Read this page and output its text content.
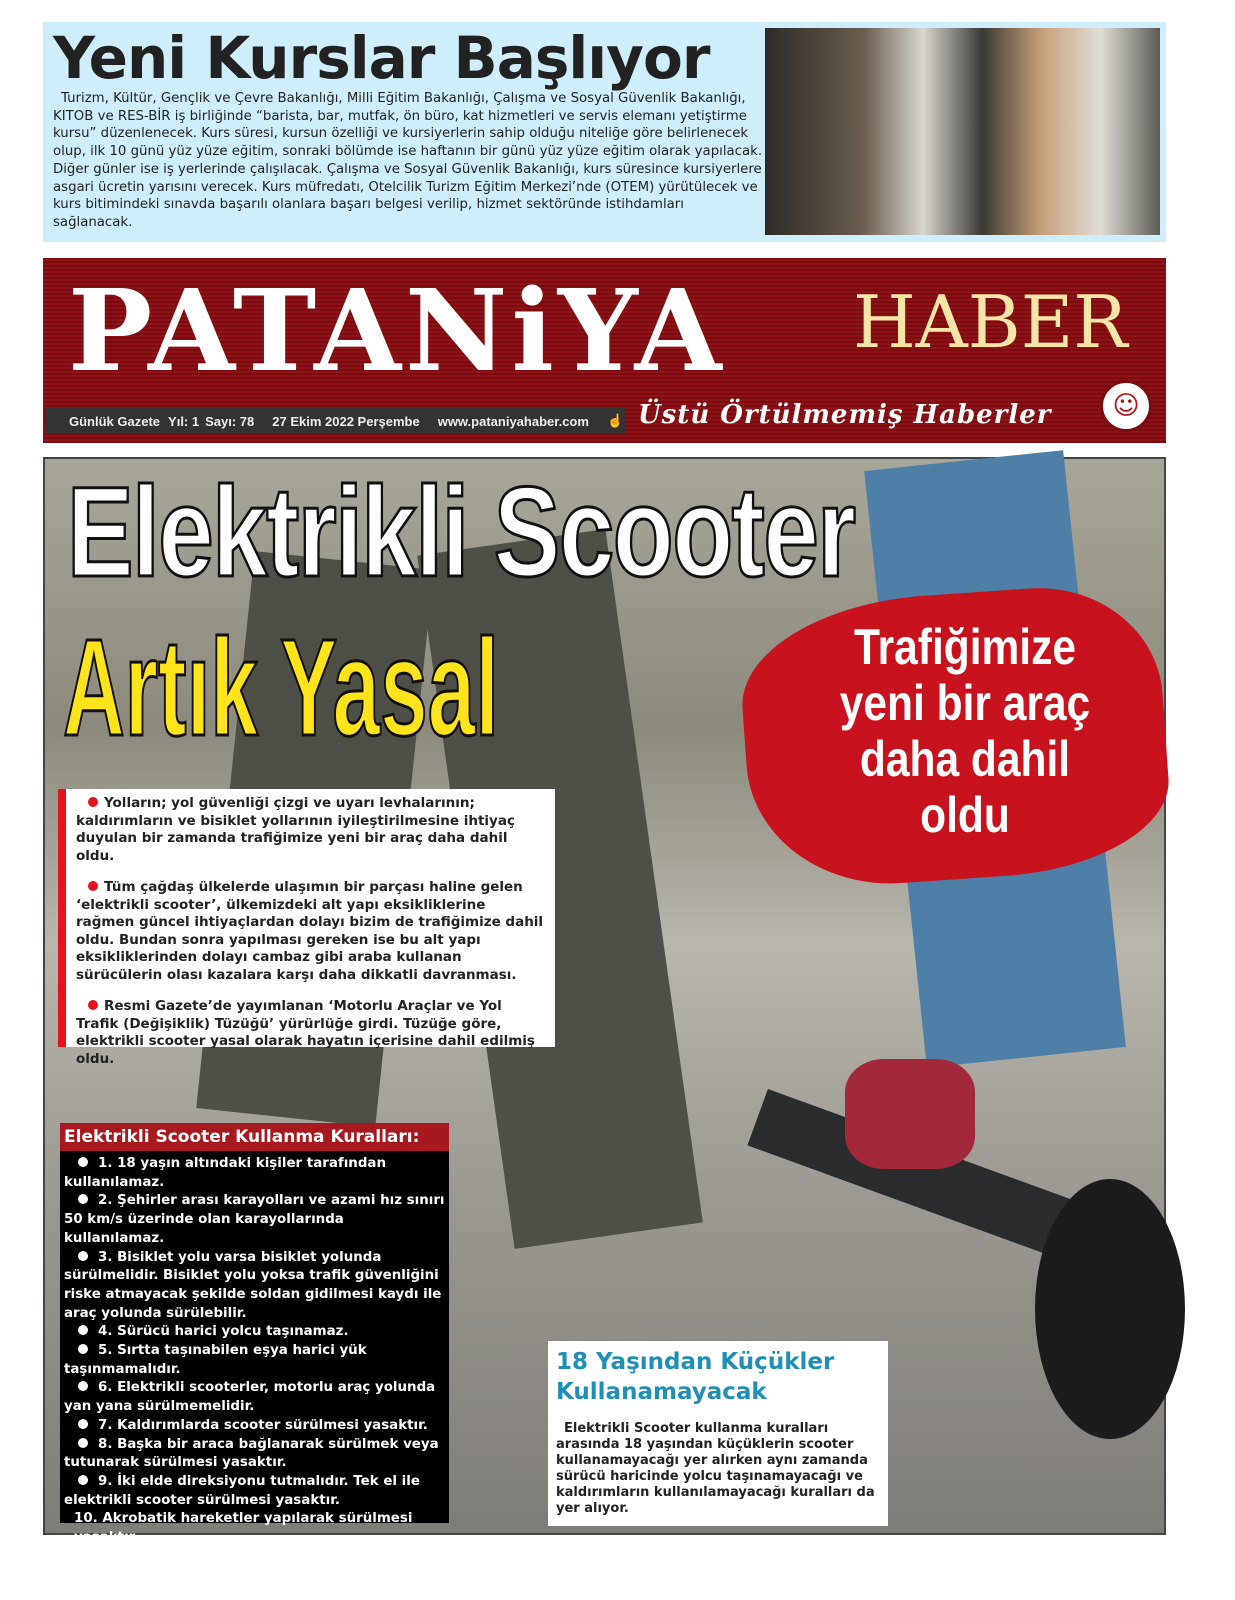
Yeni Kurslar Başlıyor

Turizm, Kültür, Gençlik ve Çevre Bakanlığı, Milli Eğitim Bakanlığı, Çalışma ve Sosyal Güvenlik Bakanlığı, KITOB ve RES-BİR iş birliğinde “barista, bar, mutfak, ön büro, kat hizmetleri ve servis elemanı yetiştirme kursu” düzenlenecek. Kurs süresi, kursun özelliği ve kursiyerlerin sahip olduğu niteliğe göre belirlenecek olup, ilk 10 günü yüz yüze eğitim, sonraki bölümde ise haftanın bir günü yüz yüze eğitim olarak yapılacak. Diğer günler ise iş yerlerinde çalışılacak. Çalışma ve Sosyal Güvenlik Bakanlığı, kurs süresince kursiyerlere asgari ücretin yarısını verecek. Kurs müfredatı, Otelcilik Turizm Eğitim Merkezi’nde (OTEM) yürütülecek ve kurs bitimindeki sınavda başarılı olanlara başarı belgesi verilip, hizmet sektöründe istihdamları sağlanacak.

PATANiYA HABER
Günlük Gazete Yıl: 1 Sayı: 78 27 Ekim 2022 Perşembe www.pataniyahaber.com ☝ Üstü Örtülmemiş Haberler	☺
Elektrikli Scooter
Artık Yasal	Trafiğimize yeni bir araç daha dahil oldu

Yolların; yol güvenliği çizgi ve uyarı levhalarının; kaldırımların ve bisiklet yollarının iyileştirilmesine ihtiyaç duyulan bir zamanda trafiğimize yeni bir araç daha dahil oldu.

Tüm çağdaş ülkelerde ulaşımın bir parçası haline gelen ‘elektrikli scooter’, ülkemizdeki alt yapı eksikliklerine rağmen güncel ihtiyaçlardan dolayı bizim de trafiğimize dahil oldu. Bundan sonra yapılması gereken ise bu alt yapı eksikliklerinden dolayı cambaz gibi araba kullanan sürücülerin olası kazalara karşı daha dikkatli davranması.

Resmi Gazete’de yayımlanan ‘Motorlu Araçlar ve Yol Trafik (Değişiklik) Tüzüğü’ yürürlüğe girdi. Tüzüğe göre, elektrikli scooter yasal olarak hayatın içerisine dahil edilmiş oldu.

Elektrikli Scooter Kullanma Kuralları:

1. 18 yaşın altındaki kişiler tarafından kullanılamaz.

2. Şehirler arası karayolları ve azami hız sınırı 50 km/s üzerinde olan karayollarında kullanılamaz.

3. Bisiklet yolu varsa bisiklet yolunda sürülmelidir. Bisiklet yolu yoksa trafik güvenliğini riske atmayacak şekilde soldan gidilmesi kaydı ile araç yolunda sürülebilir.

4. Sürücü harici yolcu taşınamaz.

5. Sırtta taşınabilen eşya harici yük taşınmamalıdır.

6. Elektrikli scooterler, motorlu araç yolunda yan yana sürülmemelidir.

7. Kaldırımlarda scooter sürülmesi yasaktır.

8. Başka bir araca bağlanarak sürülmek veya tutunarak sürülmesi yasaktır.

9. İki elde direksiyonu tutmalıdır. Tek el ile elektrikli scooter sürülmesi yasaktır.

10. Akrobatik hareketler yapılarak sürülmesi yasaktır.

18 Yaşından Küçükler Kullanamayacak

Elektrikli Scooter kullanma kuralları arasında 18 yaşından küçüklerin scooter kullanamayacağı yer alırken aynı zamanda sürücü haricinde yolcu taşınamayacağı ve kaldırımların kullanılamayacağı kuralları da yer alıyor.
